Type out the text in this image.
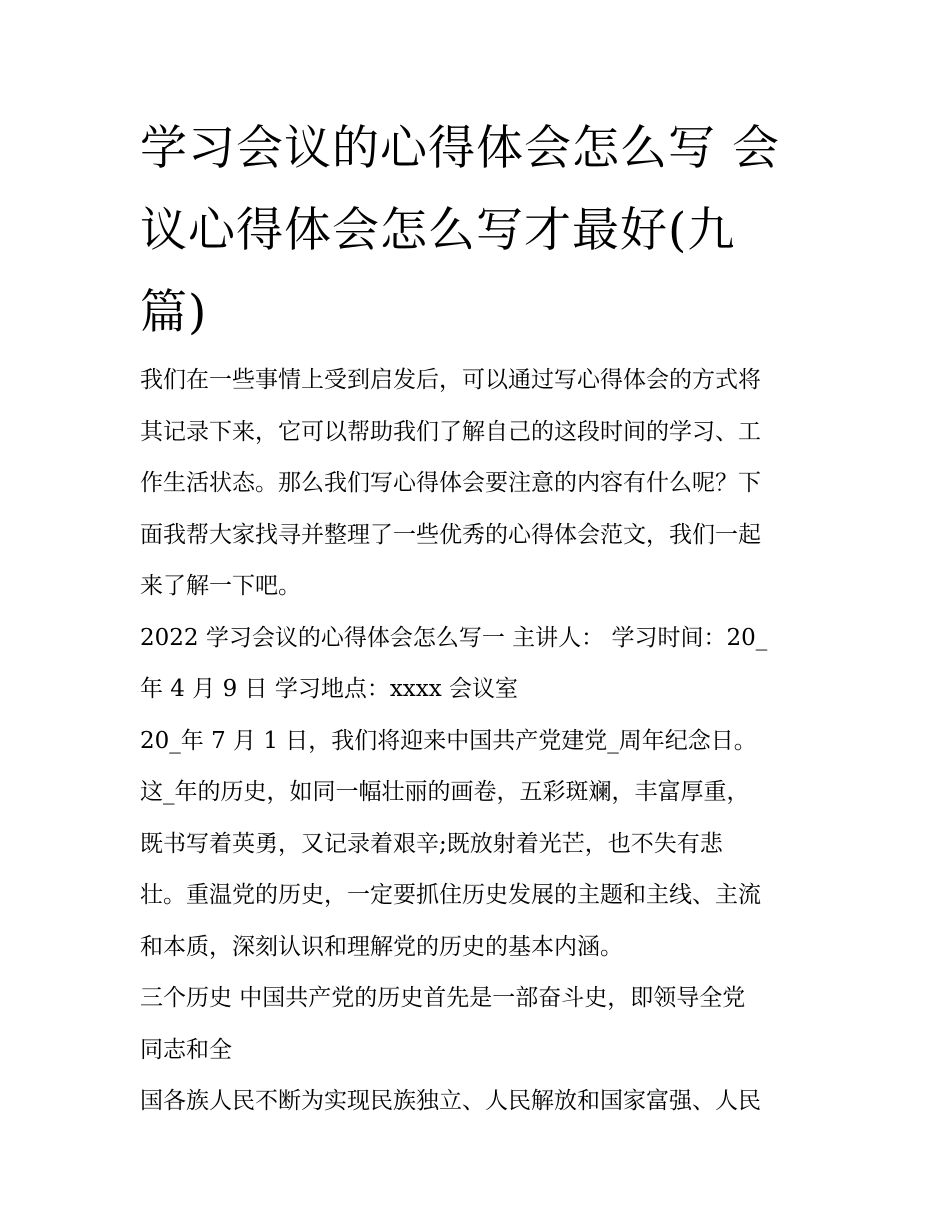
学习会议的心得体会怎么写 会
议心得体会怎么写才最好(九
篇)
我们在一些事情上受到启发后，可以通过写心得体会的方式将
其记录下来，它可以帮助我们了解自己的这段时间的学习、工
作生活状态。那么我们写心得体会要注意的内容有什么呢？下
面我帮大家找寻并整理了一些优秀的心得体会范文，我们一起
来了解一下吧。
2022 学习会议的心得体会怎么写一 主讲人： 学习时间：20_
年 4 月 9 日 学习地点：xxxx 会议室
20_年 7 月 1 日，我们将迎来中国共产党建党_周年纪念日。
这_年的历史，如同一幅壮丽的画卷，五彩斑斓，丰富厚重，
既书写着英勇，又记录着艰辛;既放射着光芒，也不失有悲
壮。重温党的历史，一定要抓住历史发展的主题和主线、主流
和本质，深刻认识和理解党的历史的基本内涵。
三个历史 中国共产党的历史首先是一部奋斗史，即领导全党
同志和全
国各族人民不断为实现民族独立、人民解放和国家富强、人民
